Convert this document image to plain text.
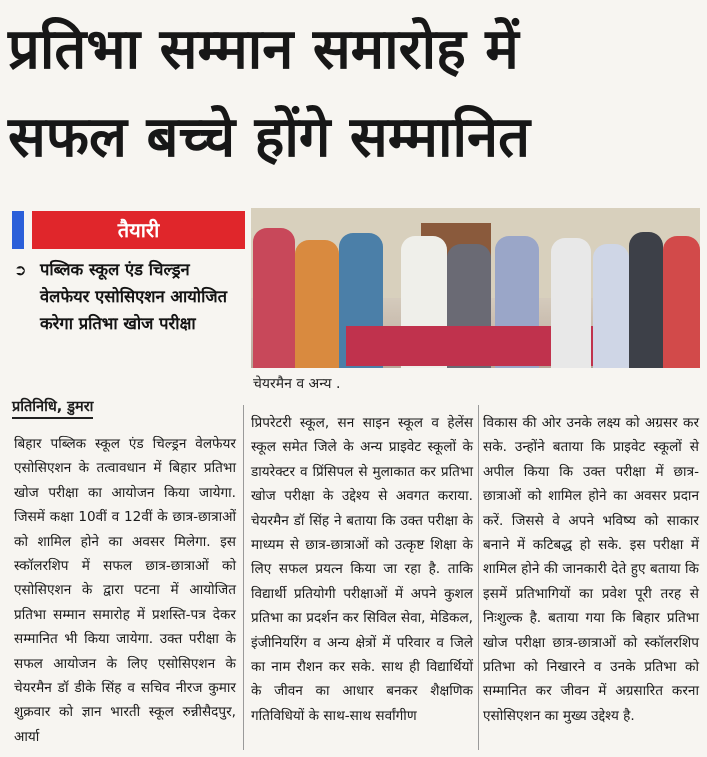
प्रतिभा सम्मान समारोह में
सफल बच्चे होंगे सम्मानित
तैयारी
➲ पब्लिक स्कूल एंड चिल्ड्रन वेलफेयर एसोसिएशन आयोजित करेगा प्रतिभा खोज परीक्षा
चेयरमैन व अन्य .
प्रतिनिधि, डुमरा
बिहार पब्लिक स्कूल एंड चिल्ड्रन वेलफेयर एसोसिएशन के तत्वावधान में बिहार प्रतिभा खोज परीक्षा का आयोजन किया जायेगा. जिसमें कक्षा 10वीं व 12वीं के छात्र-छात्राओं को शामिल होने का अवसर मिलेगा. इस स्कॉलरशिप में सफल छात्र-छात्राओं को एसोसिएशन के द्वारा पटना में आयोजित प्रतिभा सम्मान समारोह में प्रशस्ति-पत्र देकर सम्मानित भी किया जायेगा. उक्त परीक्षा के सफल आयोजन के लिए एसोसिएशन के चेयरमैन डॉ डीके सिंह व सचिव नीरज कुमार शुक्रवार को ज्ञान भारती स्कूल रुन्नीसैदपुर, आर्या
प्रिपरेटरी स्कूल, सन साइन स्कूल व हेलेंस स्कूल समेत जिले के अन्य प्राइवेट स्कूलों के डायरेक्टर व प्रिंसिपल से मुलाकात कर प्रतिभा खोज परीक्षा के उद्देश्य से अवगत कराया. चेयरमैन डॉ सिंह ने बताया कि उक्त परीक्षा के माध्यम से छात्र-छात्राओं को उत्कृष्ट शिक्षा के लिए सफल प्रयत्न किया जा रहा है. ताकि विद्यार्थी प्रतियोगी परीक्षाओं में अपने कुशल प्रतिभा का प्रदर्शन कर सिविल सेवा, मेडिकल, इंजीनियरिंग व अन्य क्षेत्रों में परिवार व जिले का नाम रौशन कर सके. साथ ही विद्यार्थियों के जीवन का आधार बनकर शैक्षणिक गतिविधियों के साथ-साथ सर्वांगीण
विकास की ओर उनके लक्ष्य को अग्रसर कर सके. उन्होंने बताया कि प्राइवेट स्कूलों से अपील किया कि उक्त परीक्षा में छात्र-छात्राओं को शामिल होने का अवसर प्रदान करें. जिससे वे अपने भविष्य को साकार बनाने में कटिबद्ध हो सके. इस परीक्षा में शामिल होने की जानकारी देते हुए बताया कि इसमें प्रतिभागियों का प्रवेश पूरी तरह से निःशुल्क है. बताया गया कि बिहार प्रतिभा खोज परीक्षा छात्र-छात्राओं को स्कॉलरशिप प्रतिभा को निखारने व उनके प्रतिभा को सम्मानित कर जीवन में अग्रसारित करना एसोसिएशन का मुख्य उद्देश्य है.
